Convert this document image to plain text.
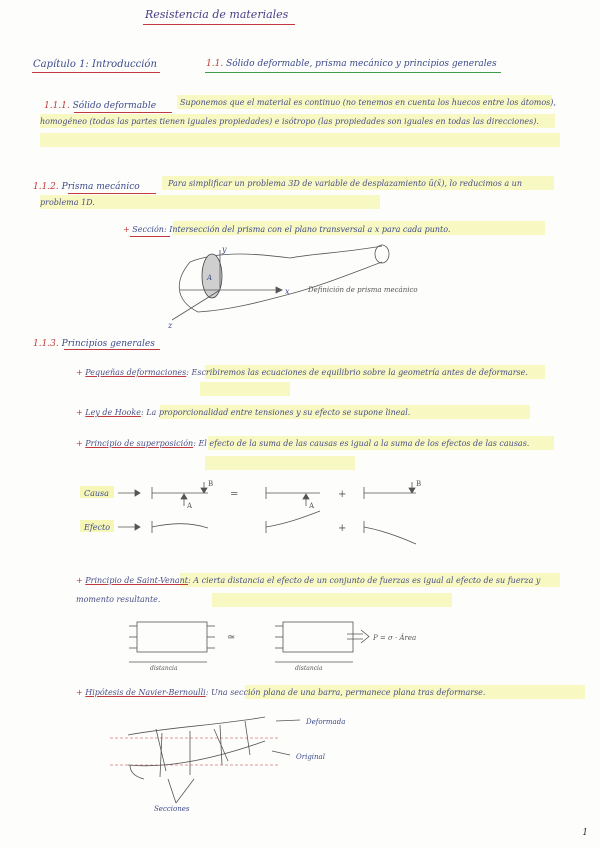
Resistencia de materiales
Capítulo 1: Introducción	1.1. Sólido deformable, prisma mecánico y principios generales
1.1.1. Sólido deformable	Suponemos que el material es continuo (no tenemos en cuenta los huecos entre los átomos), homogéneo (todas las partes tienen iguales propiedades) e isótropo (las propiedades son iguales en todas las direcciones).
1.1.2. Prisma mecánico	Para simplificar un problema 3D de variable de desplazamiento ū(x̄), lo reducimos a un problema 1D.
+ Sección: Intersección del prisma con el plano transversal a x para cada punto.
x
y
z
A
Definición de prisma mecánico
1.1.3. Principios generales
+ Pequeñas deformaciones: Escribiremos las ecuaciones de equilibrio sobre la geometría antes de deformarse.
+ Ley de Hooke: La proporcionalidad entre tensiones y su efecto se supone lineal.
+ Principio de superposición: El efecto de la suma de las causas es igual a la suma de los efectos de las causas.
Causa
Efecto
=	+
+
A	A
B	B
+ Principio de Saint-Venant: A cierta distancia el efecto de un conjunto de fuerzas es igual al efecto de su fuerza y momento resultante.
≃	P = σ · Área
distancia	distancia
+ Hipótesis de Navier-Bernoulli: Una sección plana de una barra, permanece plana tras deformarse.
Deformada
Original
Secciones
1
